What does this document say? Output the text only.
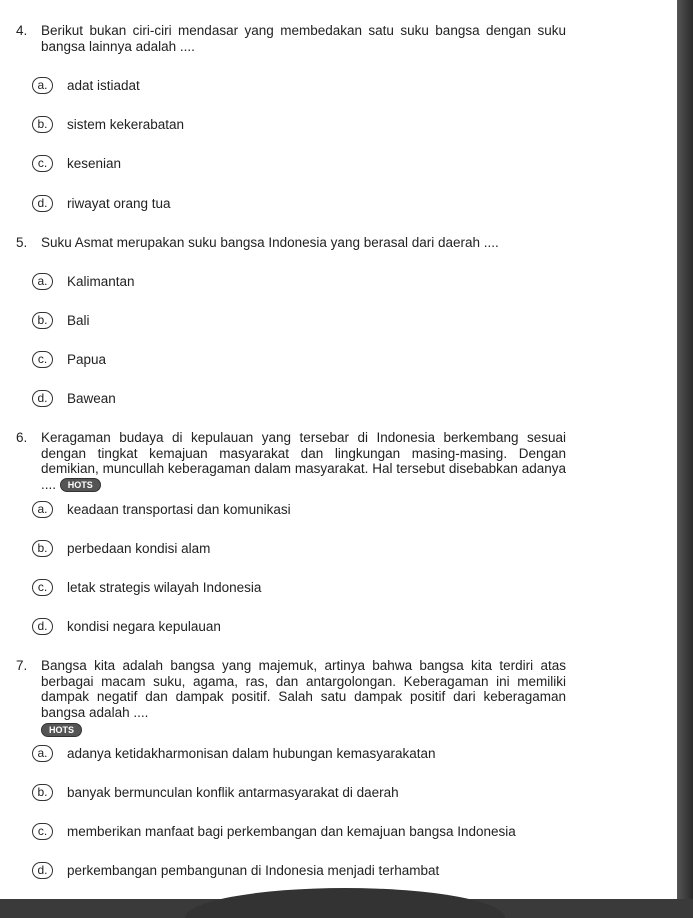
4. Berikut bukan ciri-ciri mendasar yang membedakan satu suku bangsa dengan suku bangsa lainnya adalah ....
a.	adat istiadat
b.	sistem kekerabatan
c.	kesenian
d.	riwayat orang tua
5. Suku Asmat merupakan suku bangsa Indonesia yang berasal dari daerah ....
a.	Kalimantan
b.	Bali
c.	Papua
d.	Bawean
6. Keragaman budaya di kepulauan yang tersebar di Indonesia berkembang sesuai dengan tingkat kemajuan masyarakat dan lingkungan masing-masing. Dengan demikian, muncullah keberagaman dalam masyarakat. Hal tersebut disebabkan adanya .... HOTS
a.	keadaan transportasi dan komunikasi
b.	perbedaan kondisi alam
c.	letak strategis wilayah Indonesia
d.	kondisi negara kepulauan
7. Bangsa kita adalah bangsa yang majemuk, artinya bahwa bangsa kita terdiri atas berbagai macam suku, agama, ras, dan antargolongan. Keberagaman ini memiliki dampak negatif dan dampak positif. Salah satu dampak positif dari keberagaman bangsa adalah ....
HOTS
a.	adanya ketidakharmonisan dalam hubungan kemasyarakatan
b.	banyak bermunculan konflik antarmasyarakat di daerah
c.	memberikan manfaat bagi perkembangan dan kemajuan bangsa Indonesia
d.	perkembangan pembangunan di Indonesia menjadi terhambat
